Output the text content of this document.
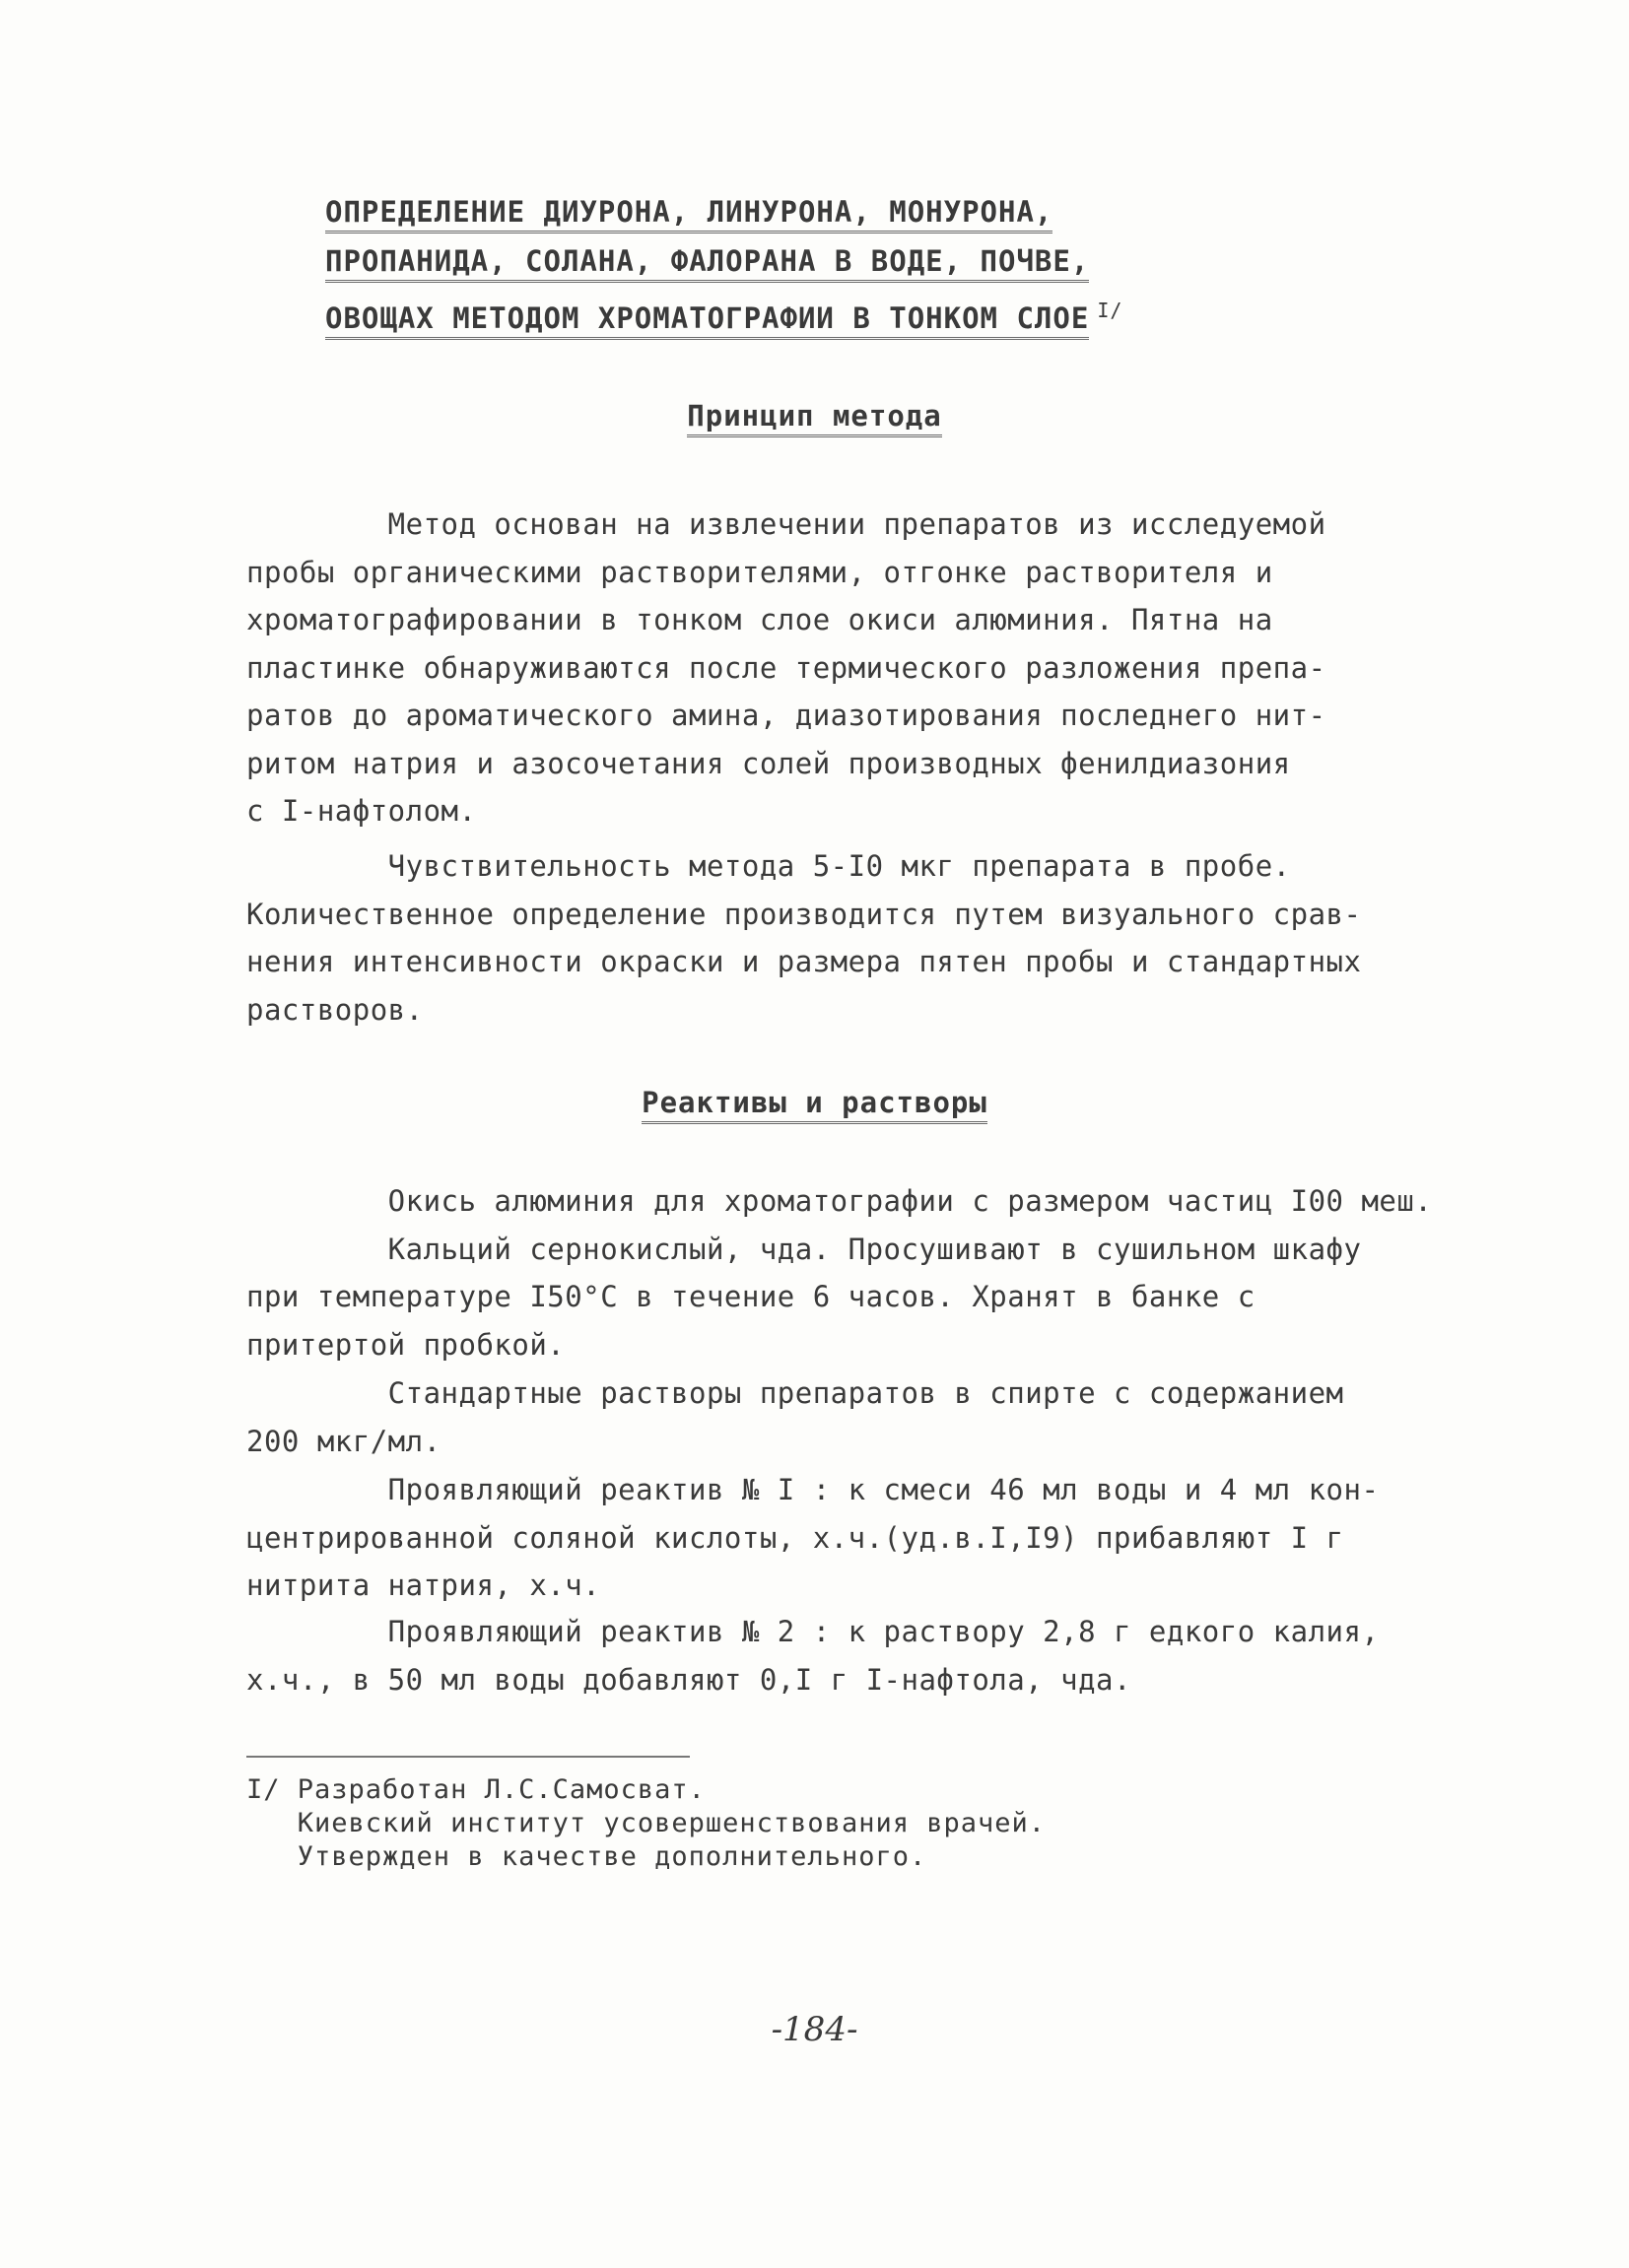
ОПРЕДЕЛЕНИЕ ДИУРОНА, ЛИНУРОНА, МОНУРОНА,
ПРОПАНИДА, СОЛАНА, ФАЛОРАНА В ВОДЕ, ПОЧВЕ,
ОВОЩАХ МЕТОДОМ ХРОМАТОГРАФИИ В ТОНКОМ СЛОЕ $^{I/}$
Принцип метода
Метод основан на извлечении препаратов из исследуемой
пробы органическими растворителями, отгонке растворителя и
хроматографировании в тонком слое окиси алюминия. Пятна на
пластинке обнаруживаются после термического разложения препа-
ратов до ароматического амина, диазотирования последнего нит-
ритом натрия и азосочетания солей производных фенилдиазония
с I-нафтолом.
Чувствительность метода 5-I0 мкг препарата в пробе.
Количественное определение производится путем визуального срав-
нения интенсивности окраски и размера пятен пробы и стандартных
растворов.
Реактивы и растворы
Окись алюминия для хроматографии с размером частиц I00 меш.
Кальций сернокислый, чда. Просушивают в сушильном шкафу
при температуре I50°С в течение 6 часов. Хранят в банке с
притертой пробкой.
Стандартные растворы препаратов в спирте с содержанием
200 мкг/мл.
Проявляющий реактив № I : к смеси 46 мл воды и 4 мл кон-
центрированной соляной кислоты, х.ч.(уд.в.I,I9) прибавляют I г
нитрита натрия, х.ч.
Проявляющий реактив № 2 : к раствору 2,8 г едкого калия,
х.ч., в 50 мл воды добавляют 0,I г I-нафтола, чда.
I/ Разработан Л.С.Самосват.
Киевский институт усовершенствования врачей.
Утвержден в качестве дополнительного.
-184-
